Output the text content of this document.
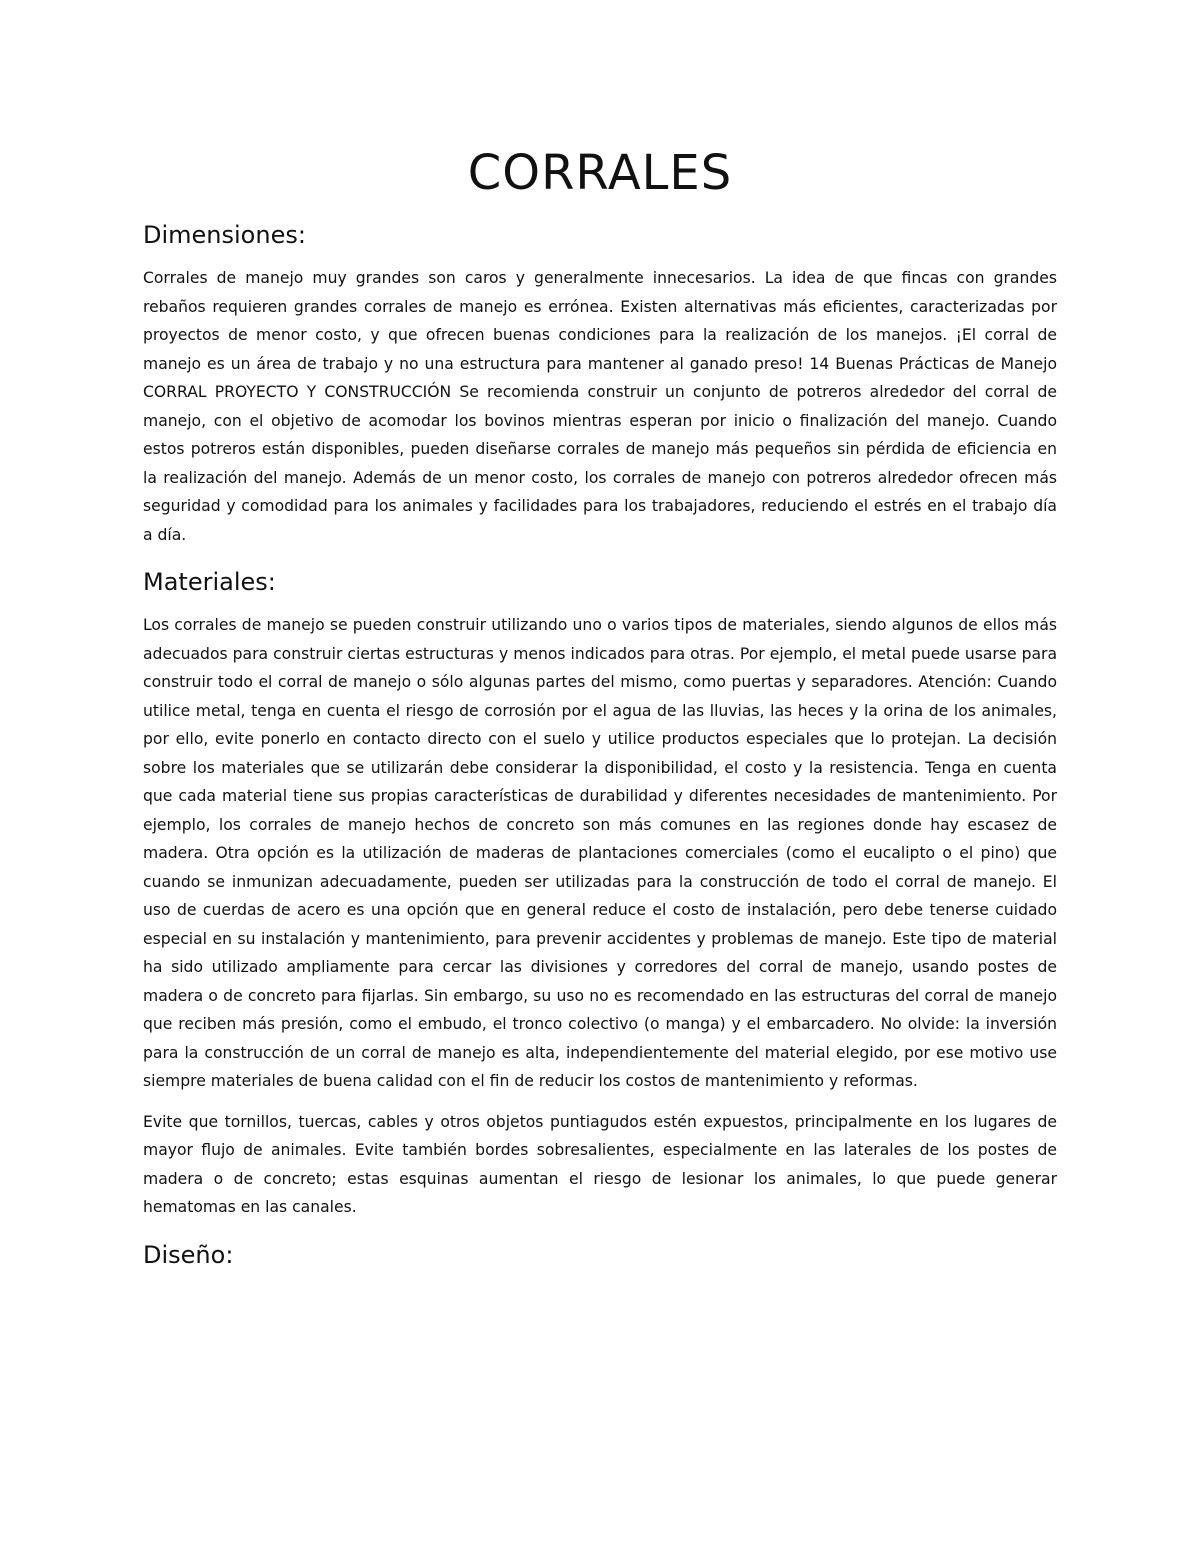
CORRALES
Dimensiones:

Corrales de manejo muy grandes son caros y generalmente innecesarios. La idea de que fincas con grandes rebaños requieren grandes corrales de manejo es errónea. Existen alternativas más eficientes, caracterizadas por proyectos de menor costo, y que ofrecen buenas condiciones para la realización de los manejos. ¡El corral de manejo es un área de trabajo y no una estructura para mantener al ganado preso! 14 Buenas Prácticas de Manejo CORRAL PROYECTO Y CONSTRUCCIÓN Se recomienda construir un conjunto de potreros alrededor del corral de manejo, con el objetivo de acomodar los bovinos mientras esperan por inicio o finalización del manejo. Cuando estos potreros están disponibles, pueden diseñarse corrales de manejo más pequeños sin pérdida de eficiencia en la realización del manejo. Además de un menor costo, los corrales de manejo con potreros alrededor ofrecen más seguridad y comodidad para los animales y facilidades para los trabajadores, reduciendo el estrés en el trabajo día a día.

Materiales:

Los corrales de manejo se pueden construir utilizando uno o varios tipos de materiales, siendo algunos de ellos más adecuados para construir ciertas estructuras y menos indicados para otras. Por ejemplo, el metal puede usarse para construir todo el corral de manejo o sólo algunas partes del mismo, como puertas y separadores. Atención: Cuando utilice metal, tenga en cuenta el riesgo de corrosión por el agua de las lluvias, las heces y la orina de los animales, por ello, evite ponerlo en contacto directo con el suelo y utilice productos especiales que lo protejan. La decisión sobre los materiales que se utilizarán debe considerar la disponibilidad, el costo y la resistencia. Tenga en cuenta que cada material tiene sus propias características de durabilidad y diferentes necesidades de mantenimiento. Por ejemplo, los corrales de manejo hechos de concreto son más comunes en las regiones donde hay escasez de madera. Otra opción es la utilización de maderas de plantaciones comerciales (como el eucalipto o el pino) que cuando se inmunizan adecuadamente, pueden ser utilizadas para la construcción de todo el corral de manejo. El uso de cuerdas de acero es una opción que en general reduce el costo de instalación, pero debe tenerse cuidado especial en su instalación y mantenimiento, para prevenir accidentes y problemas de manejo. Este tipo de material ha sido utilizado ampliamente para cercar las divisiones y corredores del corral de manejo, usando postes de madera o de concreto para fijarlas. Sin embargo, su uso no es recomendado en las estructuras del corral de manejo que reciben más presión, como el embudo, el tronco colectivo (o manga) y el embarcadero. No olvide: la inversión para la construcción de un corral de manejo es alta, independientemente del material elegido, por ese motivo use siempre materiales de buena calidad con el fin de reducir los costos de mantenimiento y reformas.

Evite que tornillos, tuercas, cables y otros objetos puntiagudos estén expuestos, principalmente en los lugares de mayor flujo de animales. Evite también bordes sobresalientes, especialmente en las laterales de los postes de madera o de concreto; estas esquinas aumentan el riesgo de lesionar los animales, lo que puede generar hematomas en las canales.

Diseño:
